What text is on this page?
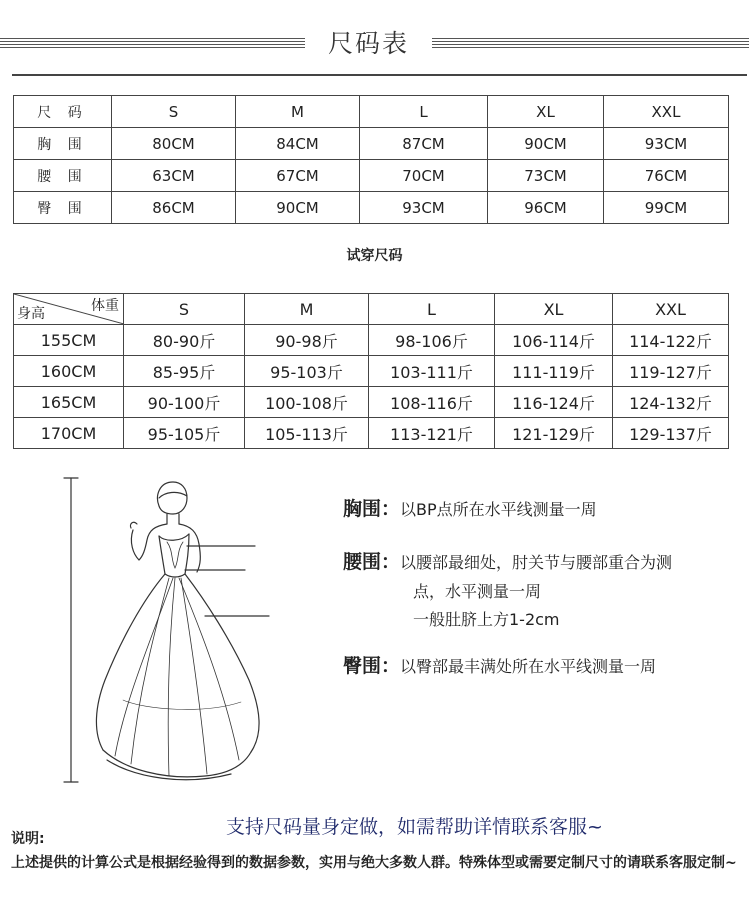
尺码表
尺 码	S	M	L	XL	XXL
胸 围	80CM	84CM	87CM	90CM	93CM
腰 围	63CM	67CM	70CM	73CM	76CM
臀 围	86CM	90CM	93CM	96CM	99CM
试穿尺码
体重
身高	S	M	L	XL	XXL
155CM	80-90斤	90-98斤	98-106斤	106-114斤	114-122斤
160CM	85-95斤	95-103斤	103-111斤	111-119斤	119-127斤
165CM	90-100斤	100-108斤	108-116斤	116-124斤	124-132斤
170CM	95-105斤	105-113斤	113-121斤	121-129斤	129-137斤
胸围：以BP点所在水平线测量一周
腰围：以腰部最细处，肘关节与腰部重合为测
点，水平测量一周
一般肚脐上方1-2cm
臀围：以臀部最丰满处所在水平线测量一周
支持尺码量身定做，如需帮助详情联系客服~
说明:
上述提供的计算公式是根据经验得到的数据参数，实用与绝大多数人群。特殊体型或需要定制尺寸的请联系客服定制~
